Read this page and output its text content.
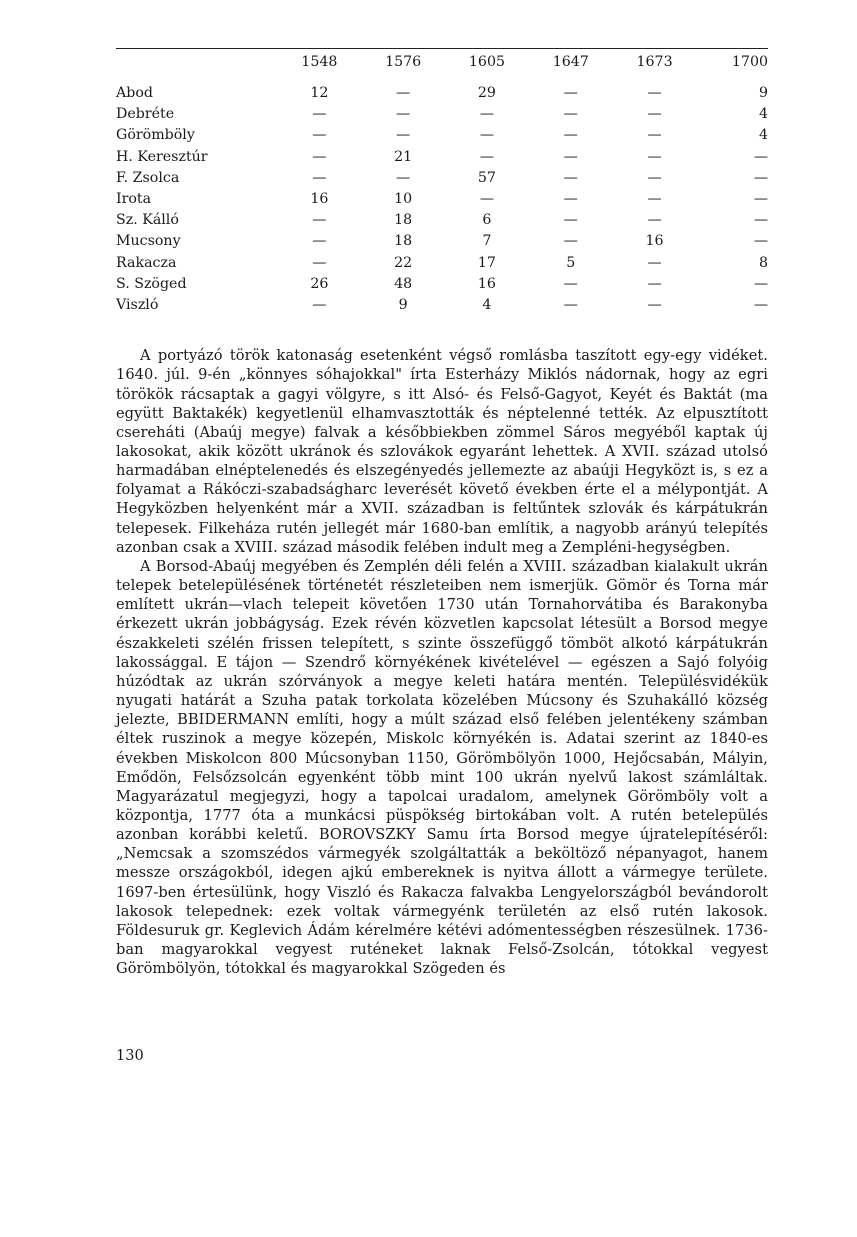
	1548	1576	1605	1647	1673	1700

Abod	12	—	29	—	—	9
Debréte	—	—	—	—	—	4
Görömböly	—	—	—	—	—	4
H. Keresztúr	—	21	—	—	—	—
F. Zsolca	—	—	57	—	—	—
Irota	16	10	—	—	—	—
Sz. Kálló	—	18	6	—	—	—
Mucsony	—	18	7	—	16	—
Rakacza	—	22	17	5	—	8
S. Szöged	26	48	16	—	—	—
Viszló	—	9	4	—	—	—

A portyázó török katonaság esetenként végső romlásba taszított egy-egy vidéket. 1640. júl. 9-én „könnyes sóhajokkal" írta Esterházy Miklós nádornak, hogy az egri törökök rácsaptak a gagyi völgyre, s itt Alsó- és Felső-Gagyot, Keyét és Baktát (ma együtt Baktakék) kegyetlenül elhamvasztották és néptelenné tették. Az elpusztított csereháti (Abaúj megye) falvak a későbbiekben zömmel Sáros megyéből kaptak új lakosokat, akik között ukránok és szlovákok egyaránt lehettek. A XVII. század utolsó harmadában elnéptelenedés és elszegényedés jellemezte az abaúji Hegyközt is, s ez a folyamat a Rákóczi-szabadságharc leverését követő években érte el a mélypontját. A Hegyközben helyenként már a XVII. században is feltűntek szlovák és kárpátukrán telepesek. Filkeháza rutén jellegét már 1680-ban említik, a nagyobb arányú telepítés azonban csak a XVIII. század második felében indult meg a Zempléni-hegységben.

A Borsod-Abaúj megyében és Zemplén déli felén a XVIII. században kialakult ukrán telepek betelepülésének történetét részleteiben nem ismerjük. Gömör és Torna már említett ukrán—vlach telepeit követően 1730 után Tornahorvátiba és Barakonyba érkezett ukrán jobbágyság. Ezek révén közvetlen kapcsolat létesült a Borsod megye északkeleti szélén frissen telepített, s szinte összefüggő tömböt alkotó kárpátukrán lakossággal. E tájon — Szendrő környékének kivételével — egészen a Sajó folyóig húzódtak az ukrán szórványok a megye keleti határa mentén. Településvidékük nyugati határát a Szuha patak torkolata közelében Múcsony és Szuhakálló község jelezte, BBIDERMANN említi, hogy a múlt század első felében jelentékeny számban éltek ruszinok a megye közepén, Miskolc környékén is. Adatai szerint az 1840-es években Miskolcon 800 Múcsonyban 1150, Görömbölyön 1000, Hejőcsabán, Mályin, Emődön, Felsőzsolcán egyenként több mint 100 ukrán nyelvű lakost számláltak. Magyarázatul megjegyzi, hogy a tapolcai uradalom, amelynek Görömböly volt a központja, 1777 óta a munkácsi püspökség birtokában volt. A rutén betelepülés azonban korábbi keletű. BOROVSZKY Samu írta Borsod megye újratelepítéséről: „Nemcsak a szomszédos vármegyék szolgáltatták a beköltöző népanyagot, hanem messze országokból, idegen ajkú embereknek is nyitva állott a vármegye területe. 1697-ben értesülünk, hogy Viszló és Rakacza falvakba Lengyelországból bevándorolt lakosok telepednek: ezek voltak vármegyénk területén az első rutén lakosok. Földesuruk gr. Keglevich Ádám kérelmére kétévi adómentességben részesülnek. 1736-ban magyarokkal vegyest ruténeket laknak Felső-Zsolcán, tótokkal vegyest Görömbölyön, tótokkal és magyarokkal Szögeden és

130
